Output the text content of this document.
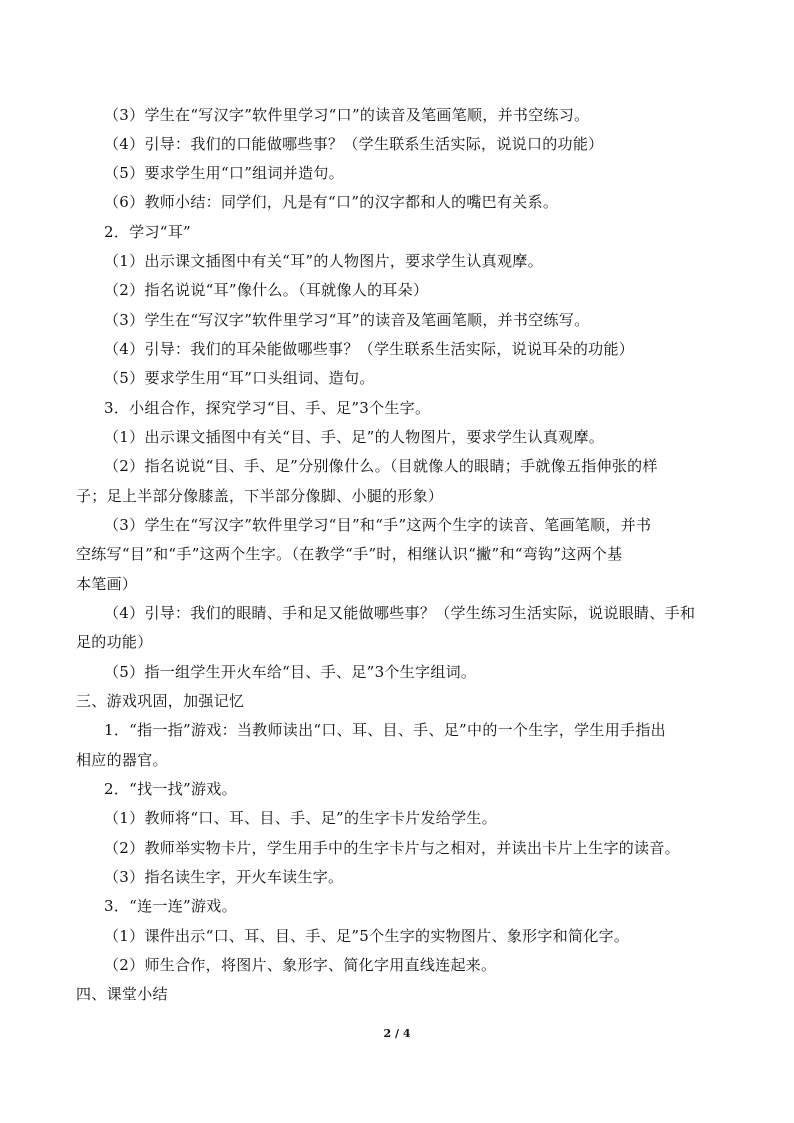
（3）学生在“写汉字”软件里学习“口”的读音及笔画笔顺，并书空练习。
（4）引导：我们的口能做哪些事？（学生联系生活实际，说说口的功能）
（5）要求学生用“口”组词并造句。
（6）教师小结：同学们，凡是有“口”的汉字都和人的嘴巴有关系。
2．学习“耳”
（1）出示课文插图中有关“耳”的人物图片，要求学生认真观摩。
（2）指名说说“耳”像什么。（耳就像人的耳朵）
（3）学生在“写汉字”软件里学习“耳”的读音及笔画笔顺，并书空练写。
（4）引导：我们的耳朵能做哪些事？（学生联系生活实际，说说耳朵的功能）
（5）要求学生用“耳”口头组词、造句。
3．小组合作，探究学习“目、手、足”3个生字。
（1）出示课文插图中有关“目、手、足”的人物图片，要求学生认真观摩。
（2）指名说说“目、手、足”分别像什么。（目就像人的眼睛；手就像五指伸张的样
子；足上半部分像膝盖，下半部分像脚、小腿的形象）
（3）学生在“写汉字”软件里学习“目”和“手”这两个生字的读音、笔画笔顺，并书
空练写“目”和“手”这两个生字。（在教学“手”时，相继认识“撇”和“弯钩”这两个基
本笔画）
（4）引导：我们的眼睛、手和足又能做哪些事？（学生练习生活实际，说说眼睛、手和
足的功能）
（5）指一组学生开火车给“目、手、足”3个生字组词。
三、游戏巩固，加强记忆
1．“指一指”游戏：当教师读出“口、耳、目、手、足”中的一个生字，学生用手指出
相应的器官。
2．“找一找”游戏。
（1）教师将“口、耳、目、手、足”的生字卡片发给学生。
（2）教师举实物卡片，学生用手中的生字卡片与之相对，并读出卡片上生字的读音。
（3）指名读生字，开火车读生字。
3．“连一连”游戏。
（1）课件出示“口、耳、目、手、足”5个生字的实物图片、象形字和简化字。
（2）师生合作，将图片、象形字、简化字用直线连起来。
四、课堂小结
2 / 4
